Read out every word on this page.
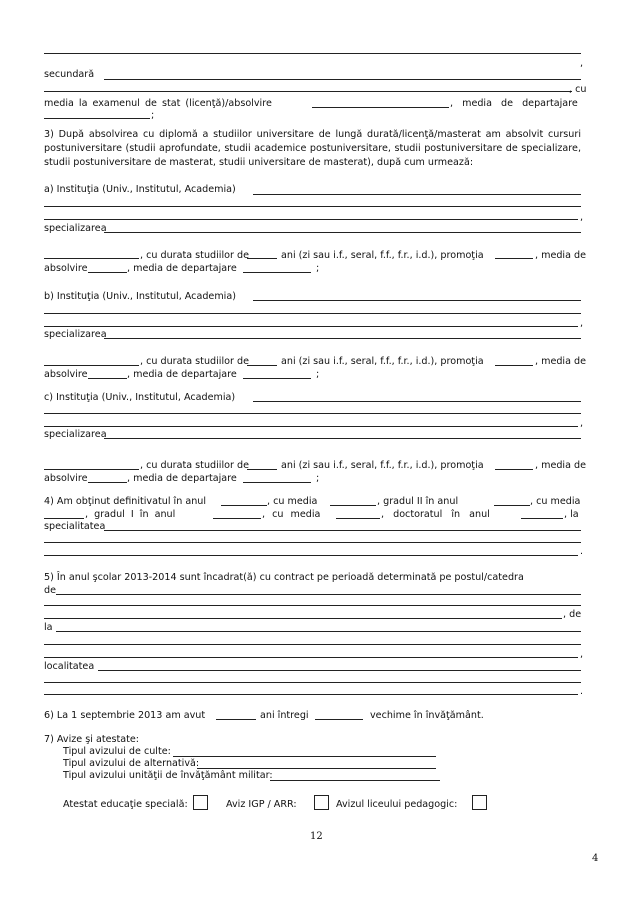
,
secundară
, cu
media la examenul de stat (licenţă)/absolvire	, media de departajare
;
3) După absolvirea cu diplomă a studiilor universitare de lungă durată/licenţă/masterat am absolvit cursuri
postuniversitare (studii aprofundate, studii academice postuniversitare, studii postuniversitare de specializare,
studii postuniversitare de masterat, studii universitare de masterat), după cum urmează:
a) Instituţia (Univ., Institutul, Academia)
,
specializarea
, cu durata studiilor de	ani (zi sau i.f., seral, f.f., f.r., i.d.), promoţia	, media de
absolvire	, media de departajare	;
b) Instituţia (Univ., Institutul, Academia)
,
specializarea
, cu durata studiilor de	ani (zi sau i.f., seral, f.f., f.r., i.d.), promoţia	, media de
absolvire	, media de departajare	;
c) Instituţia (Univ., Institutul, Academia)
,
specializarea
, cu durata studiilor de	ani (zi sau i.f., seral, f.f., f.r., i.d.), promoţia	, media de
absolvire	, media de departajare	;
4) Am obţinut definitivatul în anul	, cu media	, gradul II în anul	, cu media
, gradul I în anul	, cu media	, doctoratul în anul	, la
specialitatea
.
5) În anul şcolar 2013-2014 sunt încadrat(ă) cu contract pe perioadă determinată pe postul/catedra
de
, de
la
,
localitatea
.
6) La 1 septembrie 2013 am avut	ani întregi	vechime în învăţământ.
7) Avize şi atestate:
Tipul avizului de culte:
Tipul avizului de alternativă:
Tipul avizului unităţii de învăţământ militar:
Atestat educaţie specială:	Aviz IGP / ARR:	Avizul liceului pedagogic:
12
4
